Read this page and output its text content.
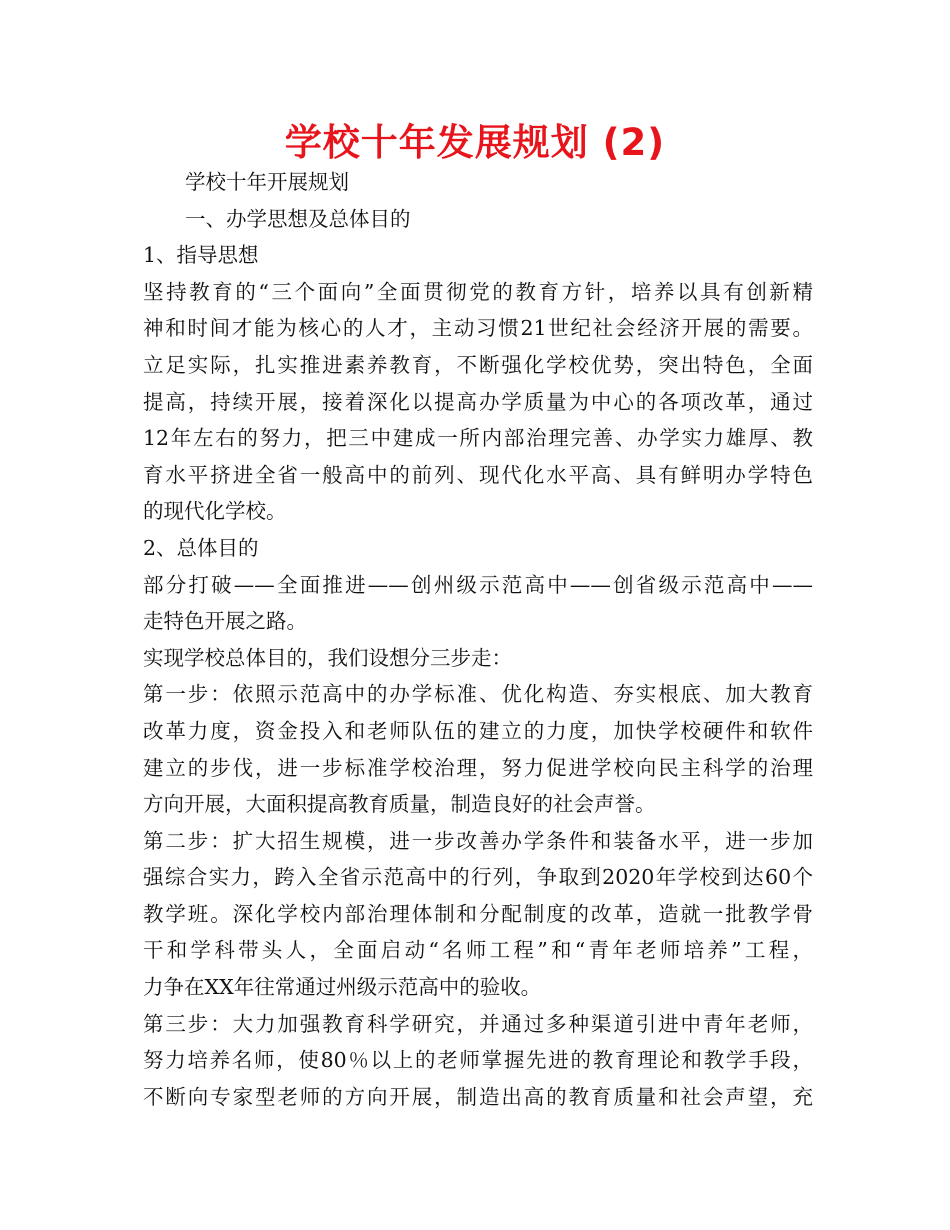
学校十年发展规划 (2)
学校十年开展规划
一、办学思想及总体目的
1、指导思想
坚持教育的“三个面向”全面贯彻党的教育方针，培养以具有创新精
神和时间才能为核心的人才，主动习惯21世纪社会经济开展的需要。
立足实际，扎实推进素养教育，不断强化学校优势，突出特色，全面
提高，持续开展，接着深化以提高办学质量为中心的各项改革，通过
12年左右的努力，把三中建成一所内部治理完善、办学实力雄厚、教
育水平挤进全省一般高中的前列、现代化水平高、具有鲜明办学特色
的现代化学校。
2、总体目的
部分打破——全面推进——创州级示范高中——创省级示范高中——
走特色开展之路。
实现学校总体目的，我们设想分三步走：
第一步：依照示范高中的办学标准、优化构造、夯实根底、加大教育
改革力度，资金投入和老师队伍的建立的力度，加快学校硬件和软件
建立的步伐，进一步标准学校治理，努力促进学校向民主科学的治理
方向开展，大面积提高教育质量，制造良好的社会声誉。
第二步：扩大招生规模，进一步改善办学条件和装备水平，进一步加
强综合实力，跨入全省示范高中的行列，争取到2020年学校到达60个
教学班。深化学校内部治理体制和分配制度的改革，造就一批教学骨
干和学科带头人，全面启动“名师工程”和“青年老师培养”工程，
力争在XX年往常通过州级示范高中的验收。
第三步：大力加强教育科学研究，并通过多种渠道引进中青年老师，
努力培养名师，使80％以上的老师掌握先进的教育理论和教学手段，
不断向专家型老师的方向开展，制造出高的教育质量和社会声望，充
